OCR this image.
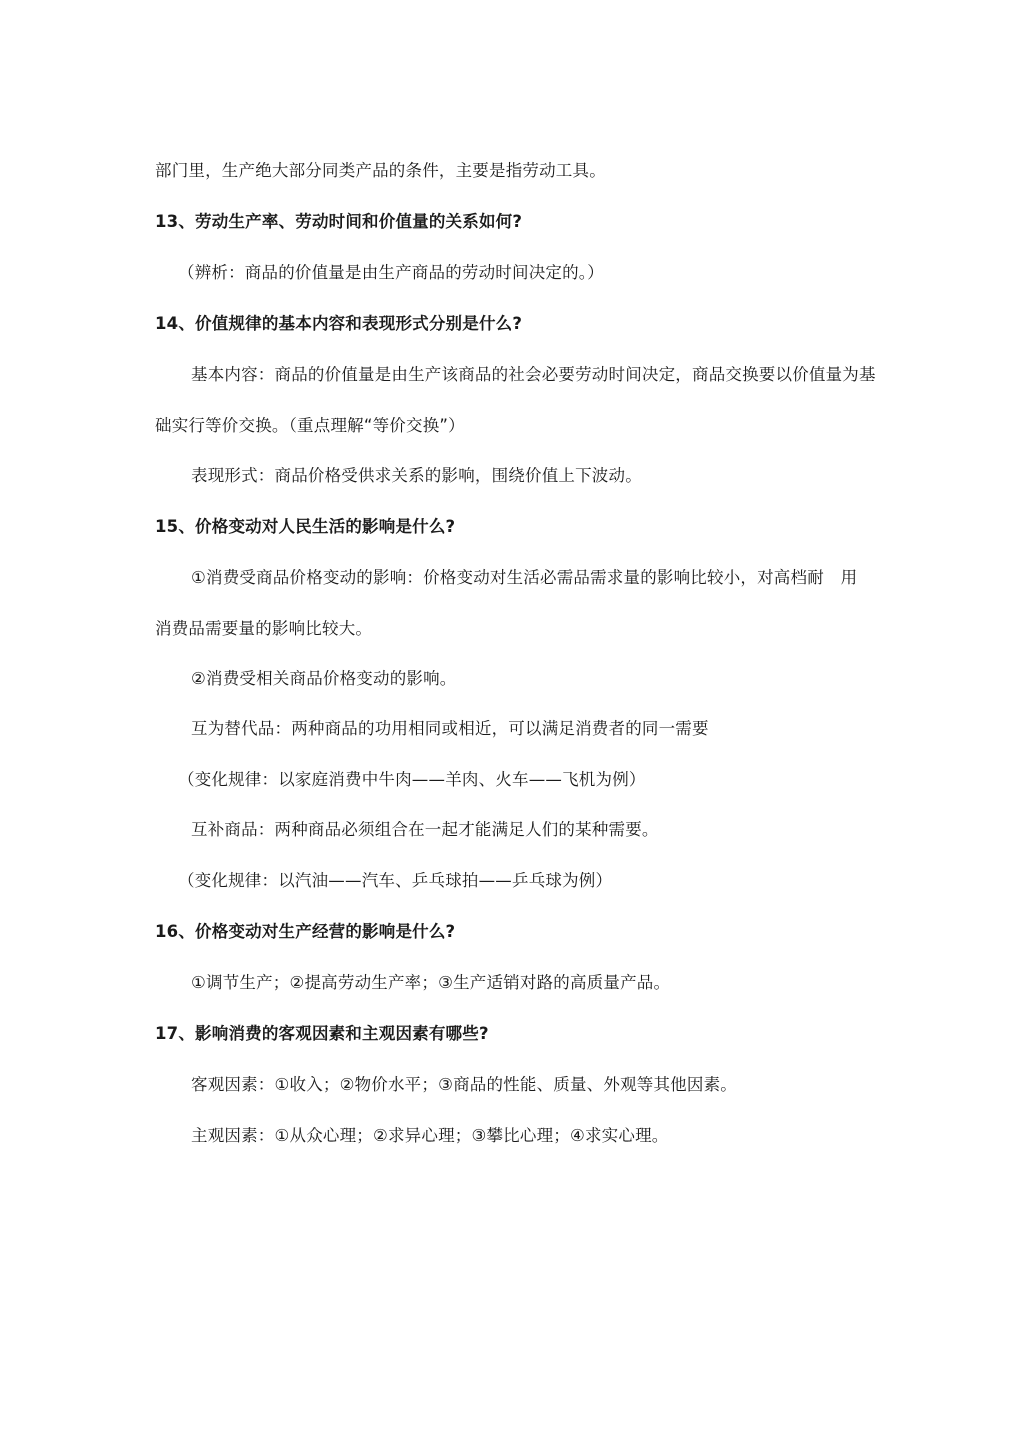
部门里，生产绝大部分同类产品的条件，主要是指劳动工具。
13、劳动生产率、劳动时间和价值量的关系如何?
（辨析：商品的价值量是由生产商品的劳动时间决定的。）
14、价值规律的基本内容和表现形式分别是什么?
基本内容：商品的价值量是由生产该商品的社会必要劳动时间决定，商品交换要以价值量为基
础实行等价交换。（重点理解“等价交换”）
表现形式：商品价格受供求关系的影响，围绕价值上下波动。
15、价格变动对人民生活的影响是什么?
①消费受商品价格变动的影响：价格变动对生活必需品需求量的影响比较小，对高档耐　用
消费品需要量的影响比较大。
②消费受相关商品价格变动的影响。
互为替代品：两种商品的功用相同或相近，可以满足消费者的同一需要
（变化规律：以家庭消费中牛肉——羊肉、火车——飞机为例）
互补商品：两种商品必须组合在一起才能满足人们的某种需要。
（变化规律：以汽油——汽车、乒乓球拍——乒乓球为例）
16、价格变动对生产经营的影响是什么?
①调节生产；②提高劳动生产率；③生产适销对路的高质量产品。
17、影响消费的客观因素和主观因素有哪些?
客观因素：①收入；②物价水平；③商品的性能、质量、外观等其他因素。
主观因素：①从众心理；②求异心理；③攀比心理；④求实心理。
